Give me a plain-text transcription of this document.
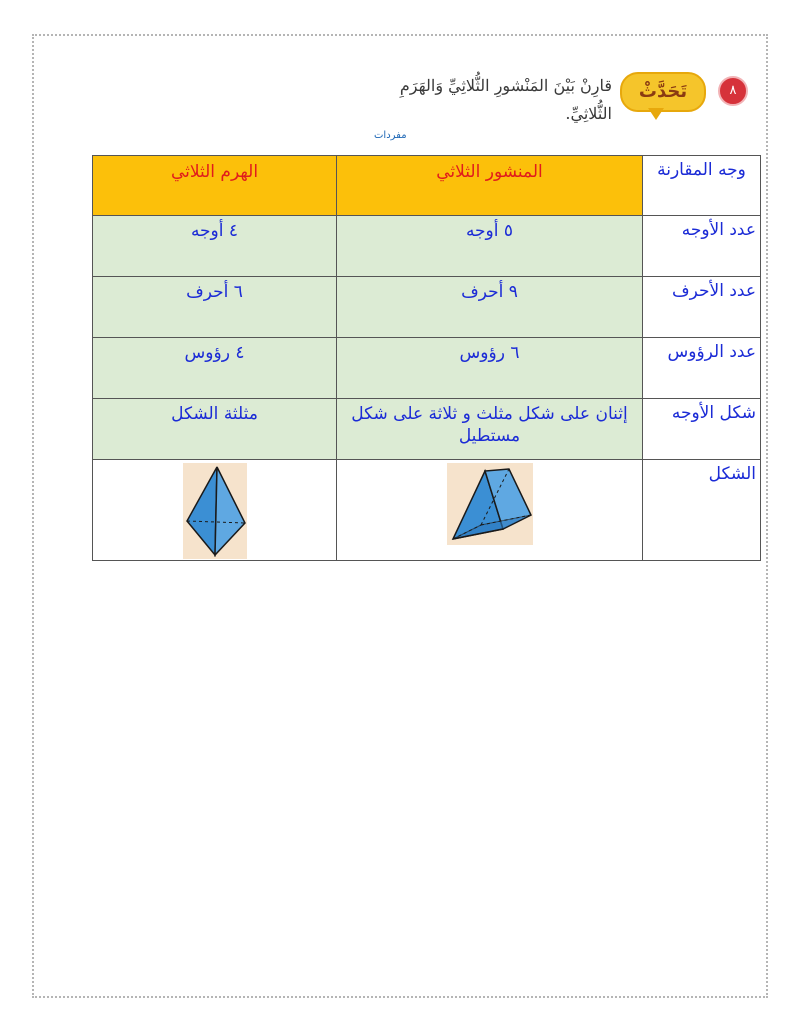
٨
تَحَدَّثْ
قارِنْ بَيْنَ المَنْشورِ الثُّلاثِيِّ وَالهَرَمِ الثُّلاثِيِّ.
مفردات
وجه المقارنة	المنشور الثلاثي	الهرم الثلاثي
عدد الأوجه	٥ أوجه	٤ أوجه
عدد الأحرف	٩ أحرف	٦ أحرف
عدد الرؤوس	٦ رؤوس	٤ رؤوس
شكل الأوجه	إثنان على شكل مثلث و ثلاثة على شكل مستطيل	مثلثة الشكل
الشكل	
